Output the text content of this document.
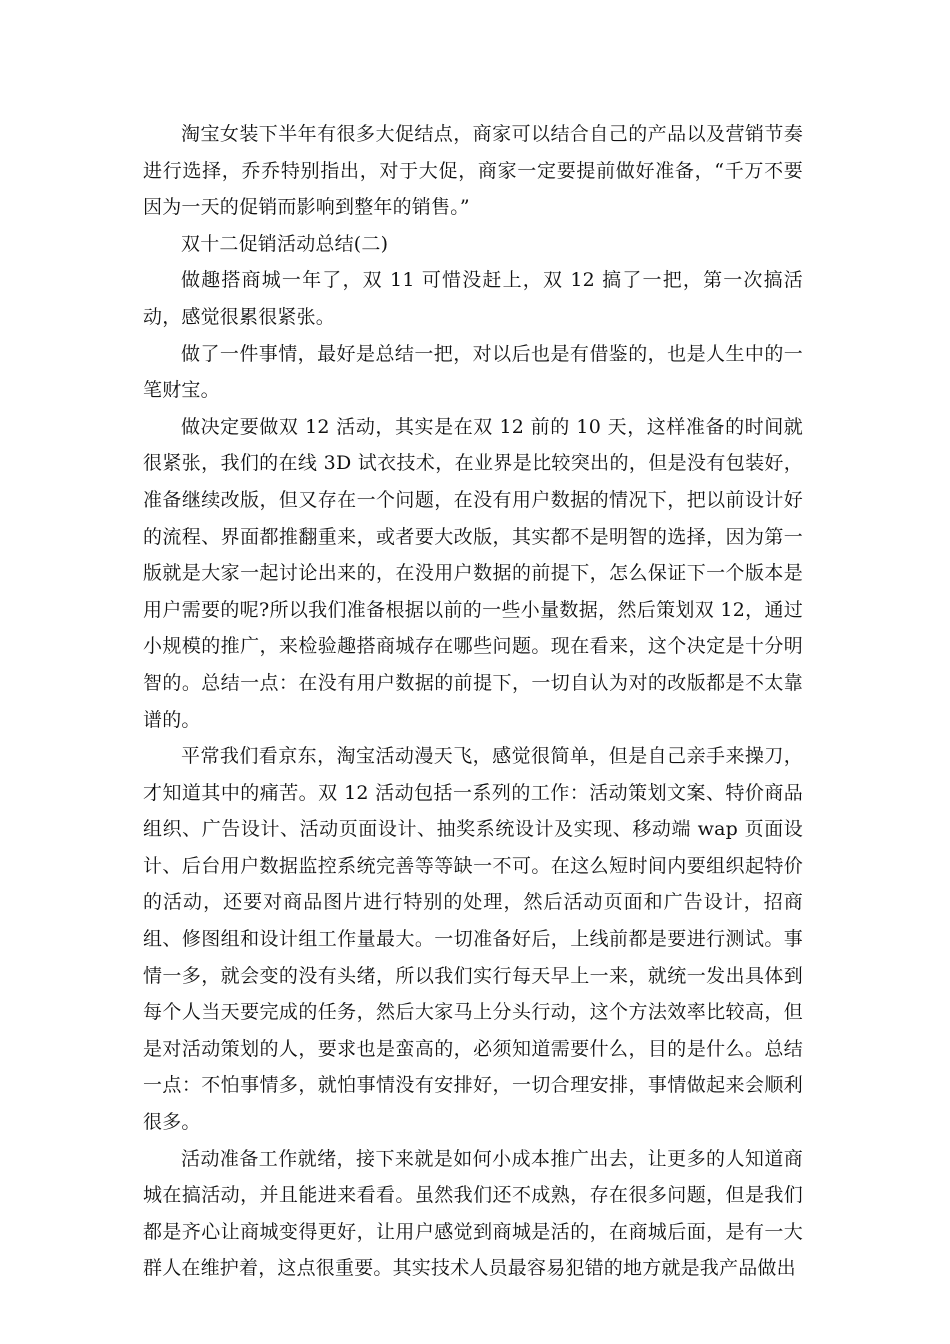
淘宝女装下半年有很多大促结点，商家可以结合自己的产品以及营销节奏进行选择，乔乔特别指出，对于大促，商家一定要提前做好准备，“千万不要因为一天的促销而影响到整年的销售。”

双十二促销活动总结(二)

做趣搭商城一年了，双 11 可惜没赶上，双 12 搞了一把，第一次搞活动，感觉很累很紧张。

做了一件事情，最好是总结一把，对以后也是有借鉴的，也是人生中的一笔财宝。

做决定要做双 12 活动，其实是在双 12 前的 10 天，这样准备的时间就很紧张，我们的在线 3D 试衣技术，在业界是比较突出的，但是没有包装好，准备继续改版，但又存在一个问题，在没有用户数据的情况下，把以前设计好的流程、界面都推翻重来，或者要大改版，其实都不是明智的选择，因为第一版就是大家一起讨论出来的，在没用户数据的前提下，怎么保证下一个版本是用户需要的呢?所以我们准备根据以前的一些小量数据，然后策划双 12，通过小规模的推广，来检验趣搭商城存在哪些问题。现在看来，这个决定是十分明智的。总结一点：在没有用户数据的前提下，一切自认为对的改版都是不太靠谱的。

平常我们看京东，淘宝活动漫天飞，感觉很简单，但是自己亲手来操刀，才知道其中的痛苦。双 12 活动包括一系列的工作：活动策划文案、特价商品组织、广告设计、活动页面设计、抽奖系统设计及实现、移动端 wap 页面设计、后台用户数据监控系统完善等等缺一不可。在这么短时间内要组织起特价的活动，还要对商品图片进行特别的处理，然后活动页面和广告设计，招商组、修图组和设计组工作量最大。一切准备好后，上线前都是要进行测试。事情一多，就会变的没有头绪，所以我们实行每天早上一来，就统一发出具体到每个人当天要完成的任务，然后大家马上分头行动，这个方法效率比较高，但是对活动策划的人，要求也是蛮高的，必须知道需要什么，目的是什么。总结一点：不怕事情多，就怕事情没有安排好，一切合理安排，事情做起来会顺利很多。

活动准备工作就绪，接下来就是如何小成本推广出去，让更多的人知道商城在搞活动，并且能进来看看。虽然我们还不成熟，存在很多问题，但是我们都是齐心让商城变得更好，让用户感觉到商城是活的，在商城后面，是有一大群人在维护着，这点很重要。其实技术人员最容易犯错的地方就是我产品做出
